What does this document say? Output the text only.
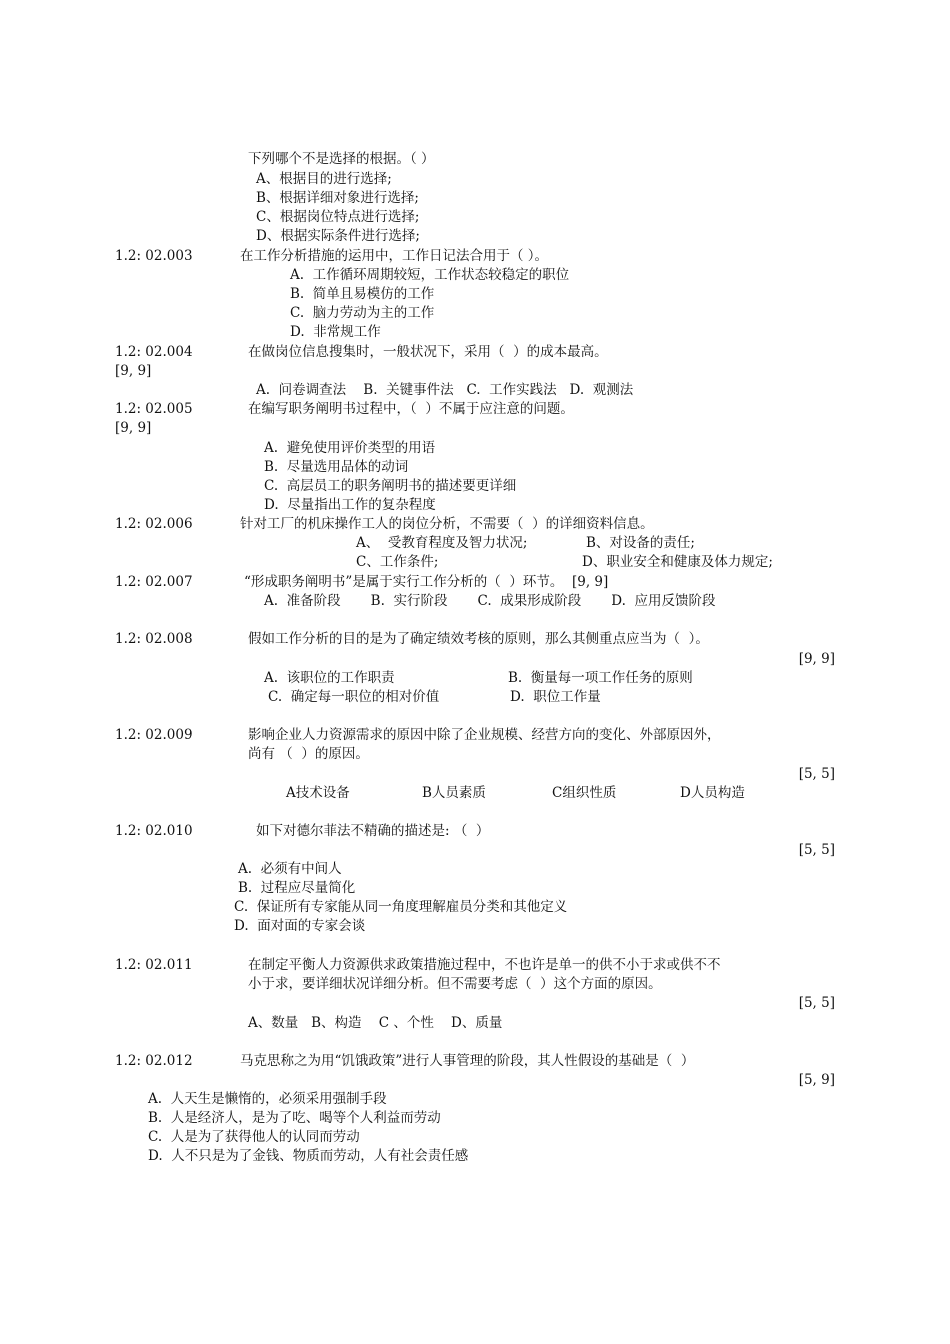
下列哪个不是选择的根据。（ ）
A、根据目的进行选择;
B、根据详细对象进行选择;
C、根据岗位特点进行选择;
D、根据实际条件进行选择;
1.2: 02.003	在工作分析措施的运用中，工作日记法合用于（ ）。
A.  工作循环周期较短，工作状态较稳定的职位
B.  简单且易模仿的工作
C.  脑力劳动为主的工作
D.  非常规工作
1.2: 02.004	在做岗位信息搜集时，一般状况下，采用（  ）的成本最高。
[9, 9]
A.  问卷调查法    B.  关键事件法   C.  工作实践法   D.  观测法
1.2: 02.005	在编写职务阐明书过程中，（  ）不属于应注意的问题。
[9, 9]
A.  避免使用评价类型的用语
B.  尽量选用品体的动词
C.  高层员工的职务阐明书的描述要更详细
D.  尽量指出工作的复杂程度
1.2: 02.006	针对工厂的机床操作工人的岗位分析，不需要（  ）的详细资料信息。
A、  受教育程度及智力状况;	B、对设备的责任;
C、工作条件;	D、职业安全和健康及体力规定;
1.2: 02.007	“形成职务阐明书”是属于实行工作分析的（  ）环节。  [9, 9]
A.  准备阶段       B.  实行阶段       C.  成果形成阶段       D.  应用反馈阶段
1.2: 02.008	假如工作分析的目的是为了确定绩效考核的原则，那么其侧重点应当为（  ）。
[9, 9]
A.  该职位的工作职责	B.  衡量每一项工作任务的原则
C.  确定每一职位的相对价值	D.  职位工作量
1.2: 02.009	影响企业人力资源需求的原因中除了企业规模、经营方向的变化、外部原因外，
尚有 （  ）的原因。
[5, 5]
A技术设备	B人员素质	C组织性质	D人员构造
1.2: 02.010	如下对德尔菲法不精确的描述是: （  ）
[5, 5]
A.  必须有中间人
B.  过程应尽量简化
C.  保证所有专家能从同一角度理解雇员分类和其他定义
D.  面对面的专家会谈
1.2: 02.011	在制定平衡人力资源供求政策措施过程中，不也许是单一的供不小于求或供不不
小于求，要详细状况详细分析。但不需要考虑（  ）这个方面的原因。
[5, 5]
A、数量   B、构造    C 、个性    D、质量
1.2: 02.012	马克思称之为用“饥饿政策”进行人事管理的阶段，其人性假设的基础是（  ）
[5, 9]
A.  人天生是懒惰的，必须采用强制手段
B.  人是经济人，是为了吃、喝等个人利益而劳动
C.  人是为了获得他人的认同而劳动
D.  人不只是为了金钱、物质而劳动，人有社会责任感
